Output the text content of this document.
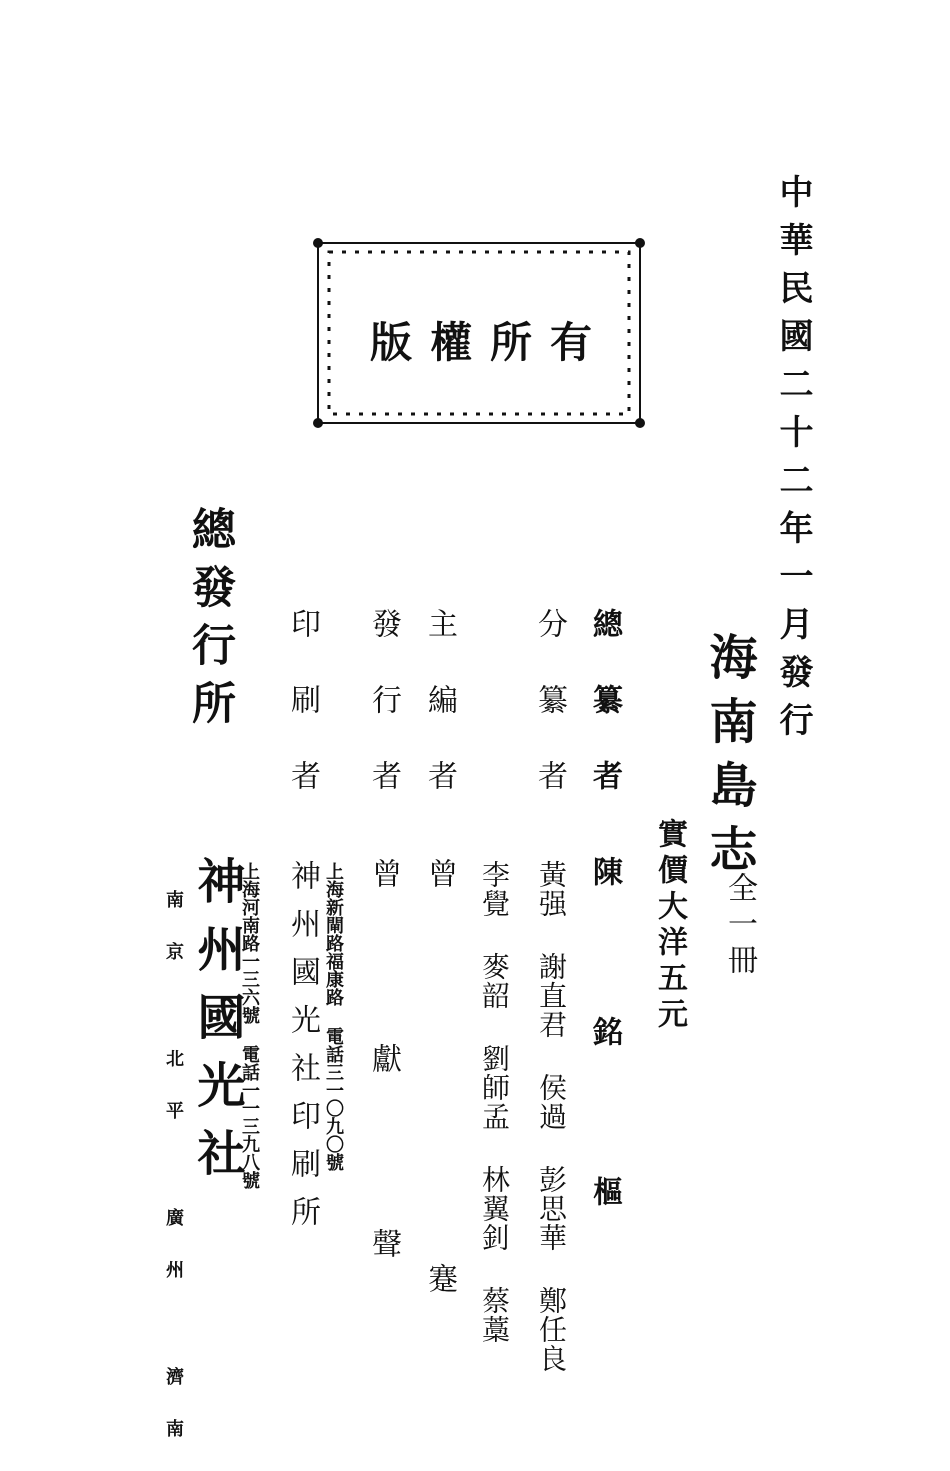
中華民國二十二年一月發行
版權所有
海南島志
全一冊
實價大洋五元
總纂者
陳銘樞
分纂者
黃强 謝直君 侯過 彭思華 鄭任良
李覺 麥韶 劉師孟 林翼釗 蔡藁
主編者
曾 蹇
發行者
曾 獻 聲
印刷者
上海新閘路福康路 電話三一〇九〇號
神州國光社印刷所
總發行所
上海河南路一三六號 電話一一三九八號
神州國光社
南京 北平 廣州 濟南
